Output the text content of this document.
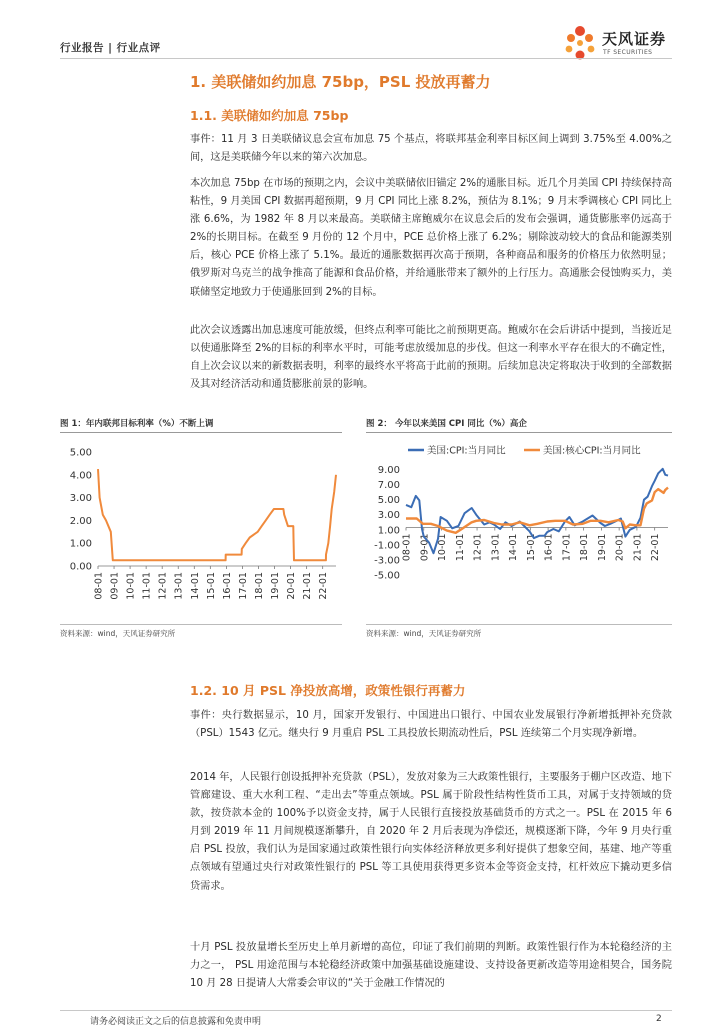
行业报告 | 行业点评	天风证券
TF SECURITIES
1. 美联储如约加息 75bp，PSL 投放再蓄力
1.1. 美联储如约加息 75bp

事件：11 月 3 日美联储议息会宣布加息 75 个基点，将联邦基金利率目标区间上调到 3.75%至 4.00%之间，这是美联储今年以来的第六次加息。

本次加息 75bp 在市场的预期之内，会议中美联储依旧锚定 2%的通胀目标。近几个月美国 CPI 持续保持高粘性，9 月美国 CPI 数据再超预期，9 月 CPI 同比上涨 8.2%，预估为 8.1%；9 月末季调核心 CPI 同比上涨 6.6%，为 1982 年 8 月以来最高。美联储主席鲍威尔在议息会后的发布会强调，通货膨胀率仍远高于 2%的长期目标。在截至 9 月份的 12 个月中，PCE 总价格上涨了 6.2%；剔除波动较大的食品和能源类别后，核心 PCE 价格上涨了 5.1%。最近的通胀数据再次高于预期，各种商品和服务的价格压力依然明显；俄罗斯对乌克兰的战争推高了能源和食品价格，并给通胀带来了额外的上行压力。高通胀会侵蚀购买力，美联储坚定地致力于使通胀回到 2%的目标。

此次会议透露出加息速度可能放缓，但终点利率可能比之前预期更高。鲍威尔在会后讲话中提到，当接近足以使通胀降至 2%的目标的利率水平时，可能考虑放缓加息的步伐。但这一利率水平存在很大的不确定性，自上次会议以来的新数据表明，利率的最终水平将高于此前的预期。后续加息决定将取决于收到的全部数据及其对经济活动和通货膨胀前景的影响。

图 1：年内联邦目标利率（%）不断上调
5.00
4.00
3.00
2.00
1.00
0.00
08-01 09-01 10-01 11-01 12-01 13-01 14-01 15-01 16-01 17-01 18-01 19-01 20-01 21-01 22-01
资料来源：wind，天风证券研究所
图 2： 今年以来美国 CPI 同比（%）高企
9.00
7.00
5.00
3.00
1.00
-1.00
-3.00
-5.00
08-01 09-01 10-01 11-01 12-01 13-01 14-01 15-01 16-01 17-01 18-01 19-01 20-01 21-01 22-01
美国:CPI:当月同比	美国:核心CPI:当月同比
资料来源：wind，天风证券研究所
1.2. 10 月 PSL 净投放高增，政策性银行再蓄力

事件：央行数据显示，10 月，国家开发银行、中国进出口银行、中国农业发展银行净新增抵押补充贷款（PSL）1543 亿元。继央行 9 月重启 PSL 工具投放长期流动性后，PSL 连续第二个月实现净新增。

2014 年，人民银行创设抵押补充贷款（PSL），发放对象为三大政策性银行，主要服务于棚户区改造、地下管廊建设、重大水利工程、“走出去”等重点领域。PSL 属于阶段性结构性货币工具，对属于支持领域的贷款，按贷款本金的 100%予以资金支持，属于人民银行直接投放基础货币的方式之一。PSL 在 2015 年 6 月到 2019 年 11 月间规模逐渐攀升，自 2020 年 2 月后表现为净偿还，规模逐渐下降，今年 9 月央行重启 PSL 投放，我们认为是国家通过政策性银行向实体经济释放更多利好提供了想象空间，基建、地产等重点领域有望通过央行对政策性银行的 PSL 等工具使用获得更多资本金等资金支持，杠杆效应下撬动更多信贷需求。

十月 PSL 投放量增长至历史上单月新增的高位，印证了我们前期的判断。政策性银行作为本轮稳经济的主力之一， PSL 用途范围与本轮稳经济政策中加强基础设施建设、支持设备更新改造等用途相契合，国务院 10 月 28 日提请人大常委会审议的“关于金融工作情况的

请务必阅读正文之后的信息披露和免责申明	2
